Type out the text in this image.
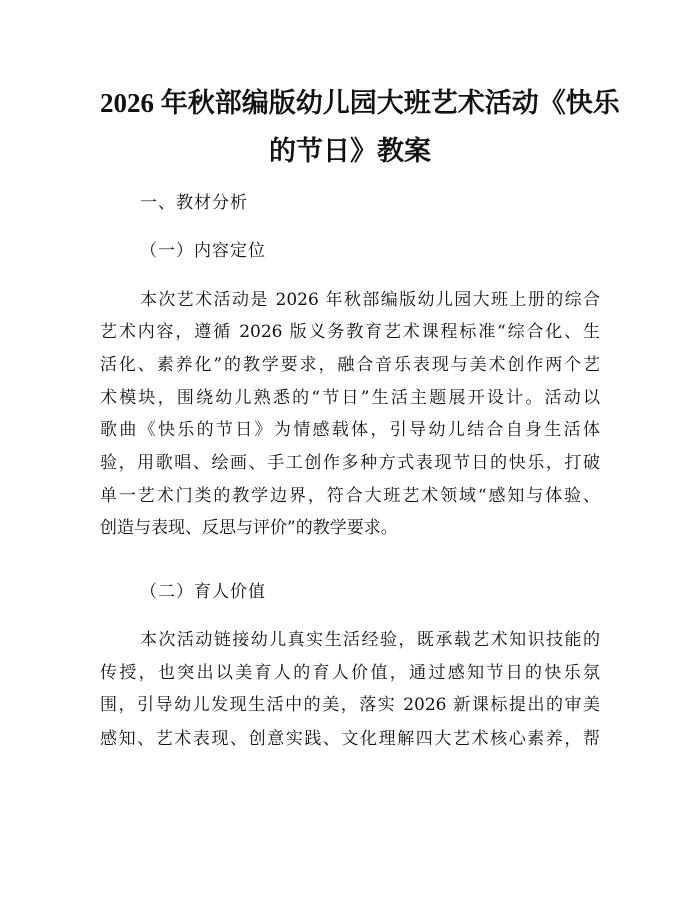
2026 年秋部编版幼儿园大班艺术活动《快乐
的节日》教案

一、教材分析

（一）内容定位

本次艺术活动是 2026 年秋部编版幼儿园大班上册的综合

艺术内容，遵循 2026 版义务教育艺术课程标准“综合化、生

活化、素养化”的教学要求，融合音乐表现与美术创作两个艺

术模块，围绕幼儿熟悉的“节日”生活主题展开设计。活动以

歌曲《快乐的节日》为情感载体，引导幼儿结合自身生活体

验，用歌唱、绘画、手工创作多种方式表现节日的快乐，打破

单一艺术门类的教学边界，符合大班艺术领域“感知与体验、

创造与表现、反思与评价”的教学要求。

（二）育人价值

本次活动链接幼儿真实生活经验，既承载艺术知识技能的

传授，也突出以美育人的育人价值，通过感知节日的快乐氛

围，引导幼儿发现生活中的美，落实 2026 新课标提出的审美

感知、艺术表现、创意实践、文化理解四大艺术核心素养，帮
